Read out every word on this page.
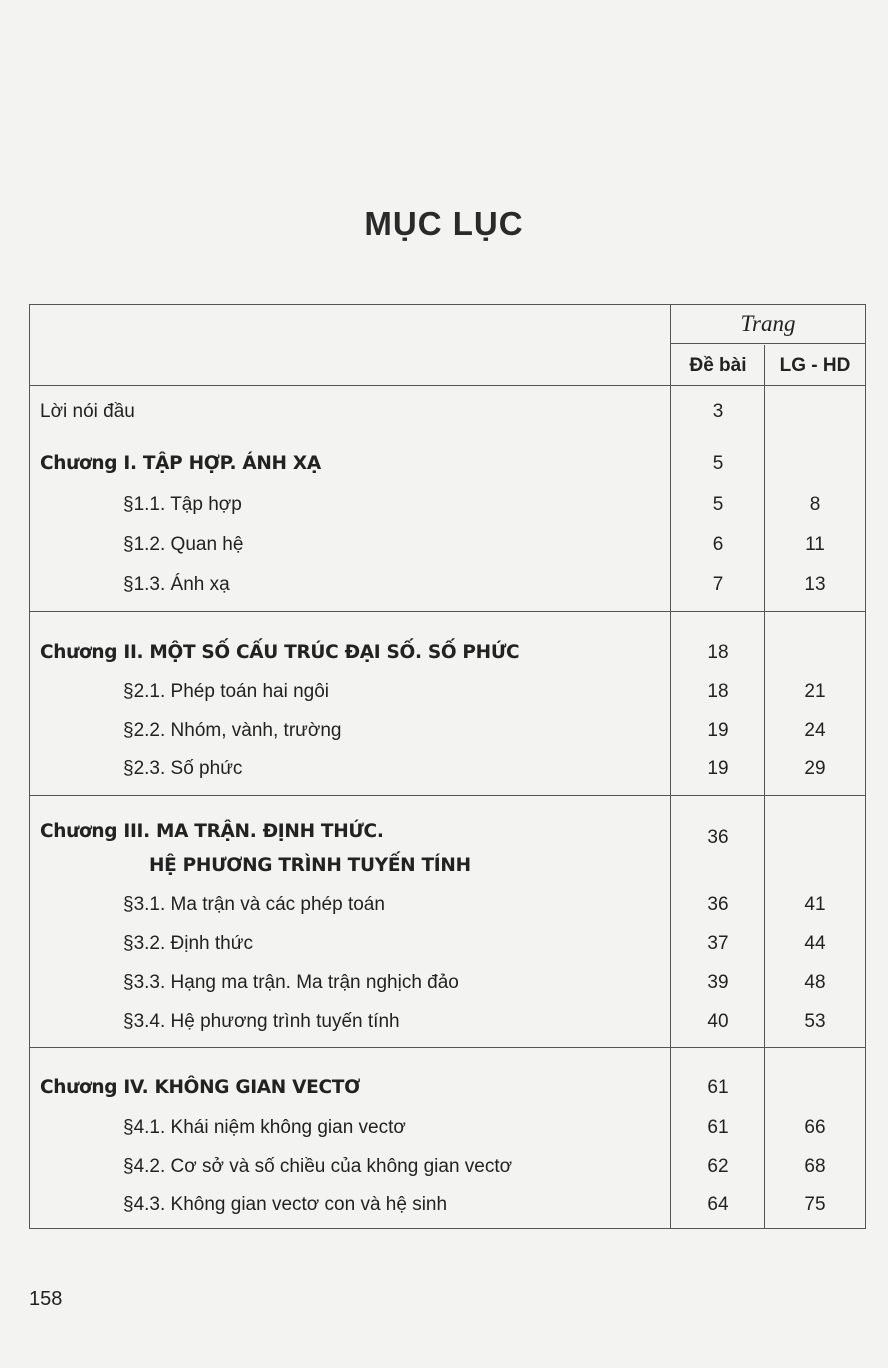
MỤC LỤC
Trang
Đề bài	LG - HD
Lời nói đầu	3
Chương I. TẬP HỢP. ÁNH XẠ	5
§1.1. Tập hợp	5	8
§1.2. Quan hệ	6	11
§1.3. Ánh xạ	7	13
Chương II. MỘT SỐ CẤU TRÚC ĐẠI SỐ. SỐ PHỨC	18
§2.1. Phép toán hai ngôi	18	21
§2.2. Nhóm, vành, trường	19	24
§2.3. Số phức	19	29
Chương III. MA TRẬN. ĐỊNH THỨC.	36
HỆ PHƯƠNG TRÌNH TUYẾN TÍNH
§3.1. Ma trận và các phép toán	36	41
§3.2. Định thức	37	44
§3.3. Hạng ma trận. Ma trận nghịch đảo	39	48
§3.4. Hệ phương trình tuyến tính	40	53
Chương IV. KHÔNG GIAN VECTƠ	61
§4.1. Khái niệm không gian vectơ	61	66
§4.2. Cơ sở và số chiều của không gian vectơ	62	68
§4.3. Không gian vectơ con và hệ sinh	64	75
158
